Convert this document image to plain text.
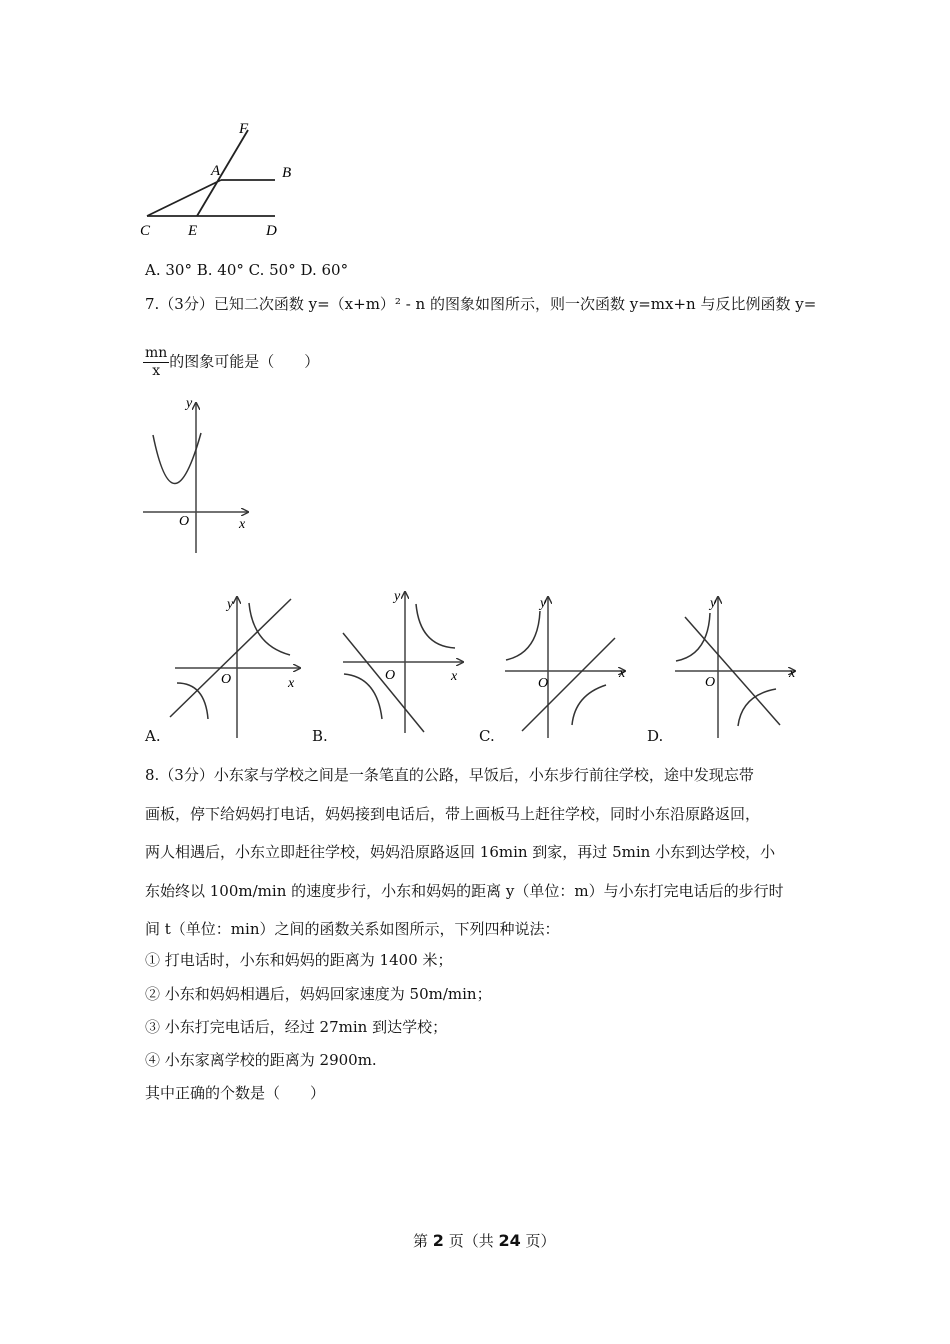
F
A	B
C	E	D
A. 30° B. 40° C. 50° D. 60°
7.（3分）已知二次函数 y=（x+m）² - n 的图象如图所示，则一次函数 y=mx+n 与反比例函数 y=
$\frac{mn}{x}$ 的图象可能是（　　）
y
x
O
y
x
O
A.
y
x
O
B.
y
x
O
C.
y
x
O
D.
8.（3分）小东家与学校之间是一条笔直的公路，早饭后，小东步行前往学校，途中发现忘带
画板，停下给妈妈打电话，妈妈接到电话后，带上画板马上赶往学校，同时小东沿原路返回，
两人相遇后，小东立即赶往学校，妈妈沿原路返回 16min 到家，再过 5min 小东到达学校，小
东始终以 100m/min 的速度步行，小东和妈妈的距离 y（单位：m）与小东打完电话后的步行时
间 t（单位：min）之间的函数关系如图所示，下列四种说法：
① 打电话时，小东和妈妈的距离为 1400 米；
② 小东和妈妈相遇后，妈妈回家速度为 50m/min；
③ 小东打完电话后，经过 27min 到达学校；
④ 小东家离学校的距离为 2900m.
其中正确的个数是（　　）
第 2 页（共 24 页）
